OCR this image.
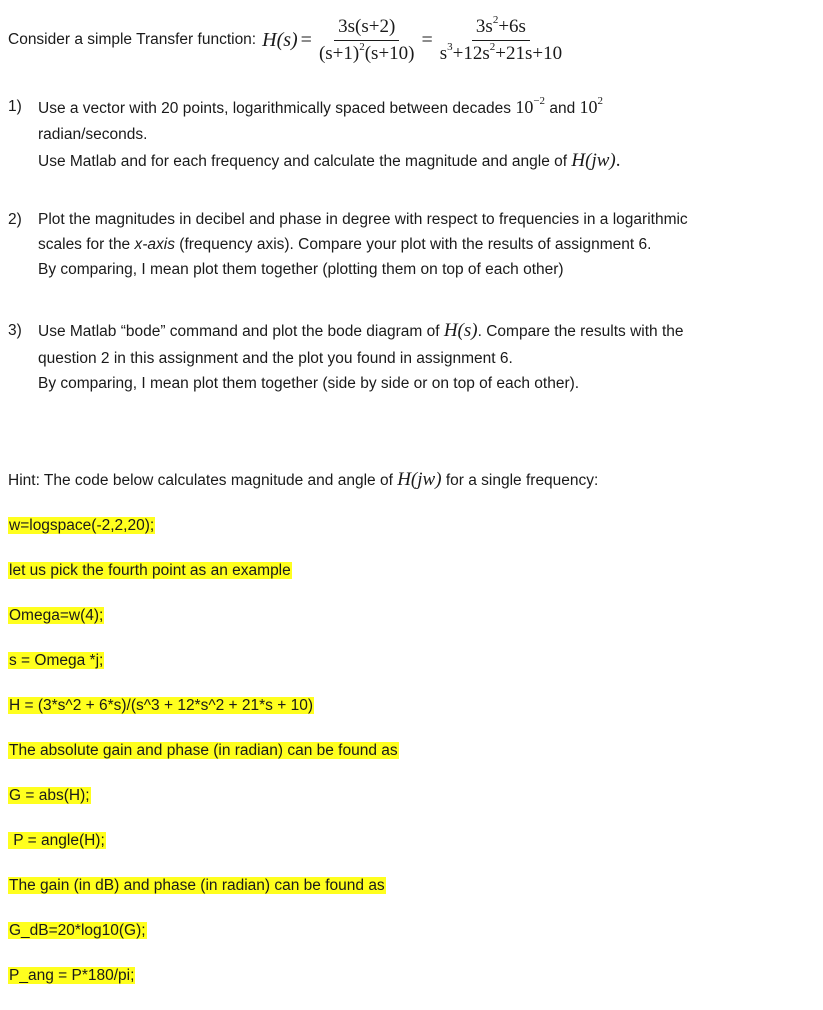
Consider a simple Transfer function: $H(s) = \frac{3s(s+2)}{(s+1)^2(s+10)} = \frac{3s^2+6s}{s^3+12s^2+21s+10}$
1) Use a vector with 20 points, logarithmically spaced between decades $10^{-2}$ and $10^2$
radian/seconds.
Use Matlab and for each frequency and calculate the magnitude and angle of H(jw).
2) Plot the magnitudes in decibel and phase in degree with respect to frequencies in a logarithmic
scales for the x-axis (frequency axis). Compare your plot with the results of assignment 6.
By comparing, I mean plot them together (plotting them on top of each other)
3) Use Matlab “bode” command and plot the bode diagram of H(s). Compare the results with the
question 2 in this assignment and the plot you found in assignment 6.
By comparing, I mean plot them together (side by side or on top of each other).
Hint: The code below calculates magnitude and angle of H(jw) for a single frequency:
w=logspace(-2,2,20);
let us pick the fourth point as an example
Omega=w(4);
s = Omega *j;
H = (3*s^2 + 6*s)/(s^3 + 12*s^2 + 21*s + 10)
The absolute gain and phase (in radian) can be found as
G = abs(H);
P = angle(H);
The gain (in dB) and phase (in radian) can be found as
G_dB=20*log10(G);
P_ang = P*180/pi;
